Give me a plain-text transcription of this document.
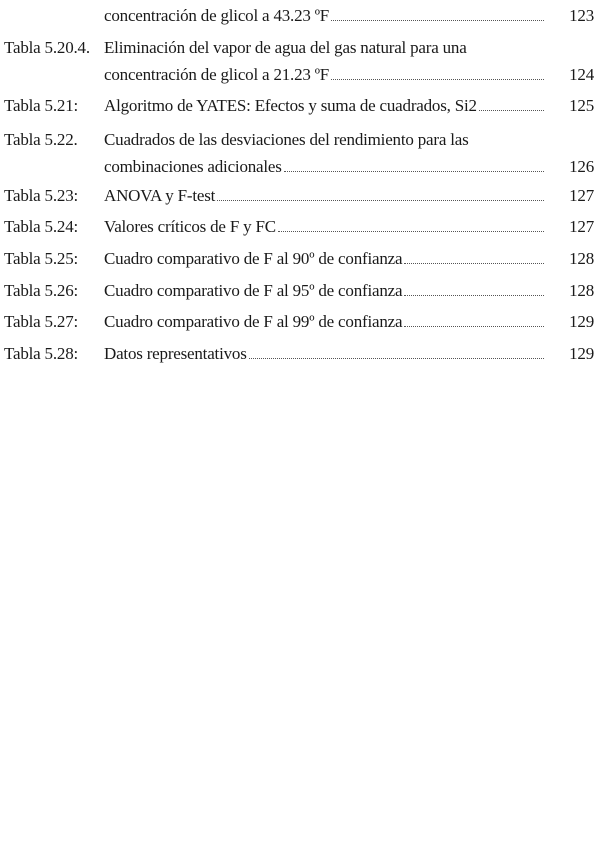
concentración de glicol a 43.23 ºF	123
Tabla 5.20.4. Eliminación del vapor de agua del gas natural para una
concentración de glicol a 21.23 ºF	124
Tabla 5.21: Algoritmo de YATES: Efectos y suma de cuadrados, Si2	125
Tabla 5.22. Cuadrados de las desviaciones del rendimiento para las
combinaciones adicionales	126
Tabla 5.23: ANOVA y F-test	127
Tabla 5.24: Valores críticos de F y FC	127
Tabla 5.25: Cuadro comparativo de F al 90º de confianza	128
Tabla 5.26: Cuadro comparativo de F al 95º de confianza	128
Tabla 5.27: Cuadro comparativo de F al 99º de confianza	129
Tabla 5.28: Datos representativos	129
